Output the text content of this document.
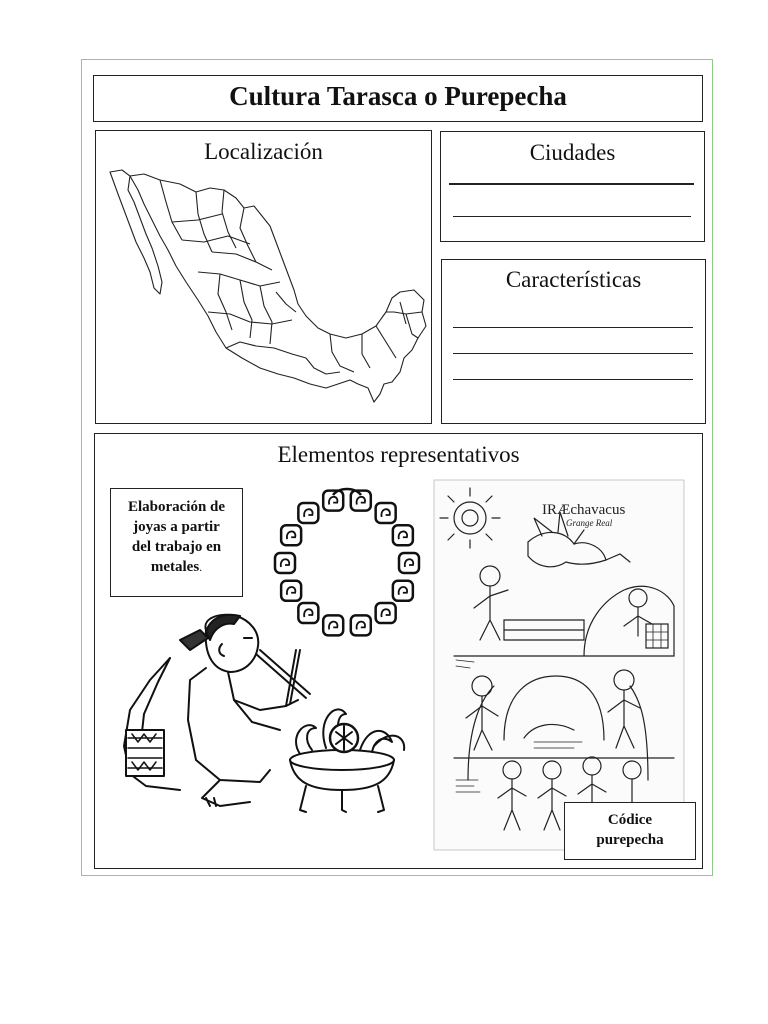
Cultura Tarasca o Purepecha
Localización	Ciudades
Características
Elementos representativos
Elaboración de
joyas a partir
del trabajo en
metales.
IRÆchavacus
Grange Real
Códice
purepecha
